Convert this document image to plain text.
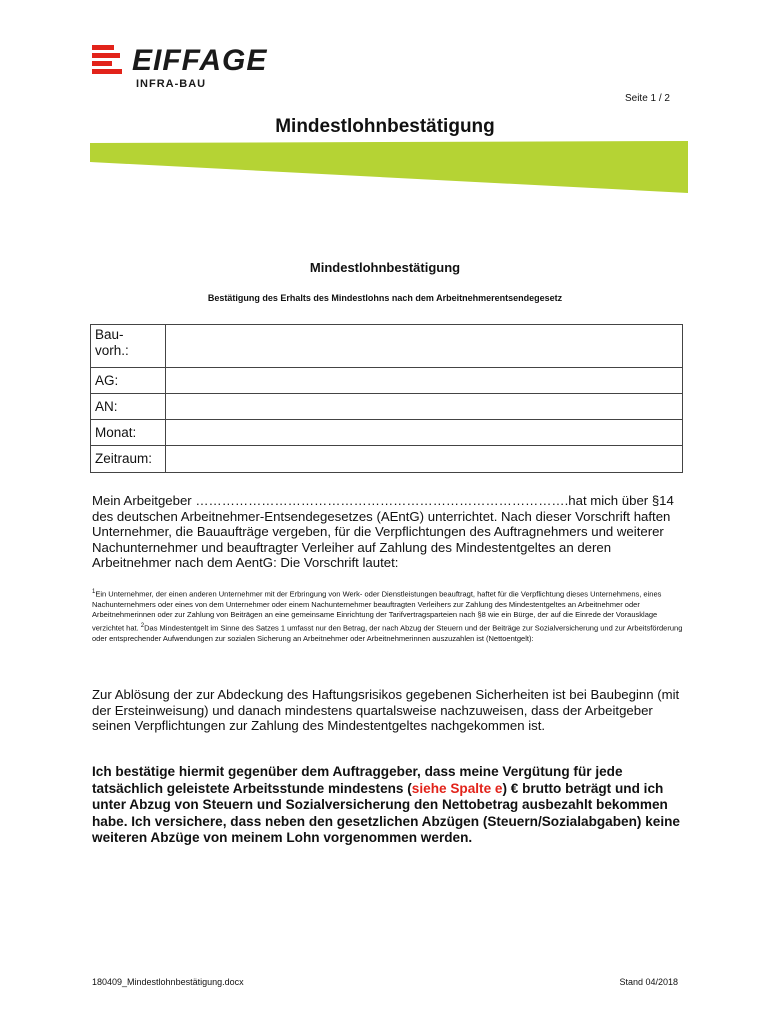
EIFFAGE
INFRA-BAU
Seite 1 / 2
Mindestlohnbestätigung
Mindestlohnbestätigung
Bestätigung des Erhalts des Mindestlohns nach dem Arbeitnehmerentsendegesetz
Bau-
vorh.:	
AG:	
AN:	
Monat:	
Zeitraum:	
Mein Arbeitgeber ………………………………………………………………………….hat mich über §14 des deutschen Arbeitnehmer-Entsendegesetzes (AEntG) unterrichtet. Nach dieser Vorschrift haften Unternehmer, die Bauaufträge vergeben, für die Verpflichtungen des Auftragnehmers und weiterer Nachunternehmer und beauftragter Verleiher auf Zahlung des Mindestentgeltes an deren Arbeitnehmer nach dem AentG: Die Vorschrift lautet:
$^1$Ein Unternehmer, der einen anderen Unternehmer mit der Erbringung von Werk- oder Dienstleistungen beauftragt, haftet für die Verpflichtung dieses Unternehmens, eines Nachunternehmers oder eines von dem Unternehmer oder einem Nachunternehmer beauftragten Verleihers zur Zahlung des Mindestentgeltes an Arbeitnehmer oder Arbeitnehmerinnen oder zur Zahlung von Beiträgen an eine gemeinsame Einrichtung der Tarifvertragsparteien nach §8 wie ein Bürge, der auf die Einrede der Vorausklage verzichtet hat. $^2$Das Mindestentgelt im Sinne des Satzes 1 umfasst nur den Betrag, der nach Abzug der Steuern und der Beiträge zur Sozialversicherung und zur Arbeitsförderung oder entsprechender Aufwendungen zur sozialen Sicherung an Arbeitnehmer oder Arbeitnehmerinnen auszuzahlen ist (Nettoentgelt):
Zur Ablösung der zur Abdeckung des Haftungsrisikos gegebenen Sicherheiten ist bei Baubeginn (mit der Ersteinweisung) und danach mindestens quartalsweise nachzuweisen, dass der Arbeitgeber seinen Verpflichtungen zur Zahlung des Mindestentgeltes nachgekommen ist.
Ich bestätige hiermit gegenüber dem Auftraggeber, dass meine Vergütung für jede tatsächlich geleistete Arbeitsstunde mindestens (siehe Spalte e) € brutto beträgt und ich unter Abzug von Steuern und Sozialversicherung den Nettobetrag ausbezahlt bekommen habe. Ich versichere, dass neben den gesetzlichen Abzügen (Steuern/Sozialabgaben) keine weiteren Abzüge von meinem Lohn vorgenommen werden.
180409_Mindestlohnbestätigung.docx	Stand 04/2018
